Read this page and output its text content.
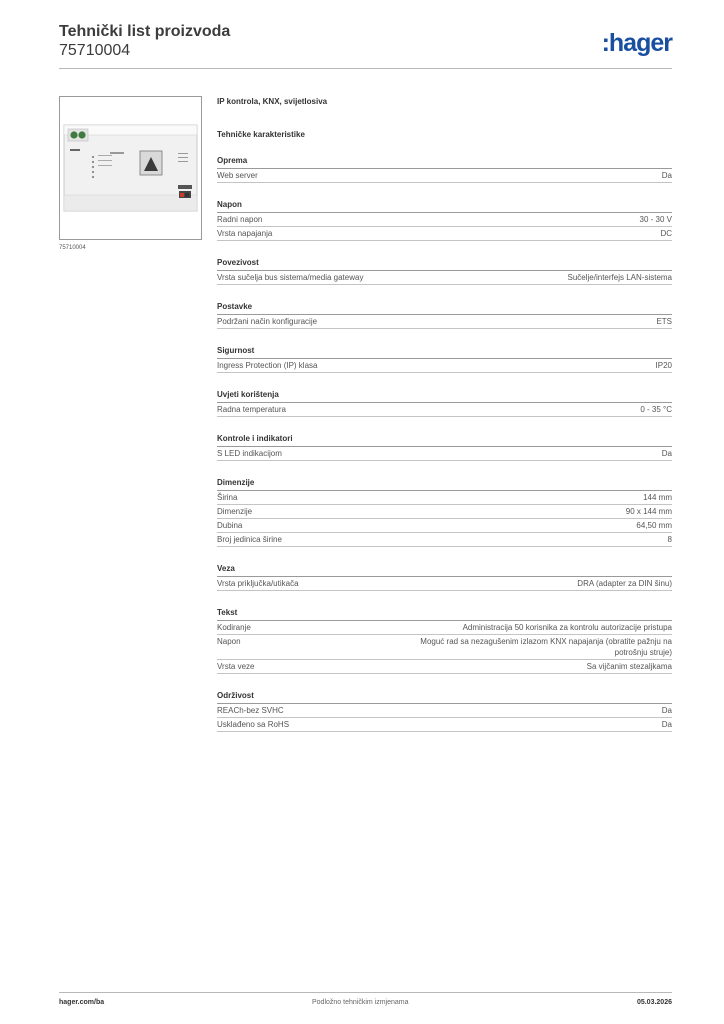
Tehnički list proizvoda
75710004	:hager
75710004
IP kontrola, KNX, svijetlosiva
Tehničke karakteristike
Oprema
Web server	Da
Napon
Radni napon	30 - 30 V
Vrsta napajanja	DC
Povezivost
Vrsta sučelja bus sistema/media gateway	Sučelje/interfejs LAN-sistema
Postavke
Podržani način konfiguracije	ETS
Sigurnost
Ingress Protection (IP) klasa	IP20
Uvjeti korištenja
Radna temperatura	0 - 35 °C
Kontrole i indikatori
S LED indikacijom	Da
Dimenzije
Širina	144 mm
Dimenzije	90 x 144 mm
Dubina	64,50 mm
Broj jedinica širine	8
Veza
Vrsta priključka/utikača	DRA (adapter za DIN šinu)
Tekst
Kodiranje	Administracija 50 korisnika za kontrolu autorizacije pristupa
Napon	Moguć rad sa nezagušenim izlazom KNX napajanja (obratite pažnju na potrošnju struje)
Vrsta veze	Sa vijčanim stezaljkama
Održivost
REACh-bez SVHC	Da
Usklađeno sa RoHS	Da
hager.com/ba	Podložno tehničkim izmjenama	05.03.2026
